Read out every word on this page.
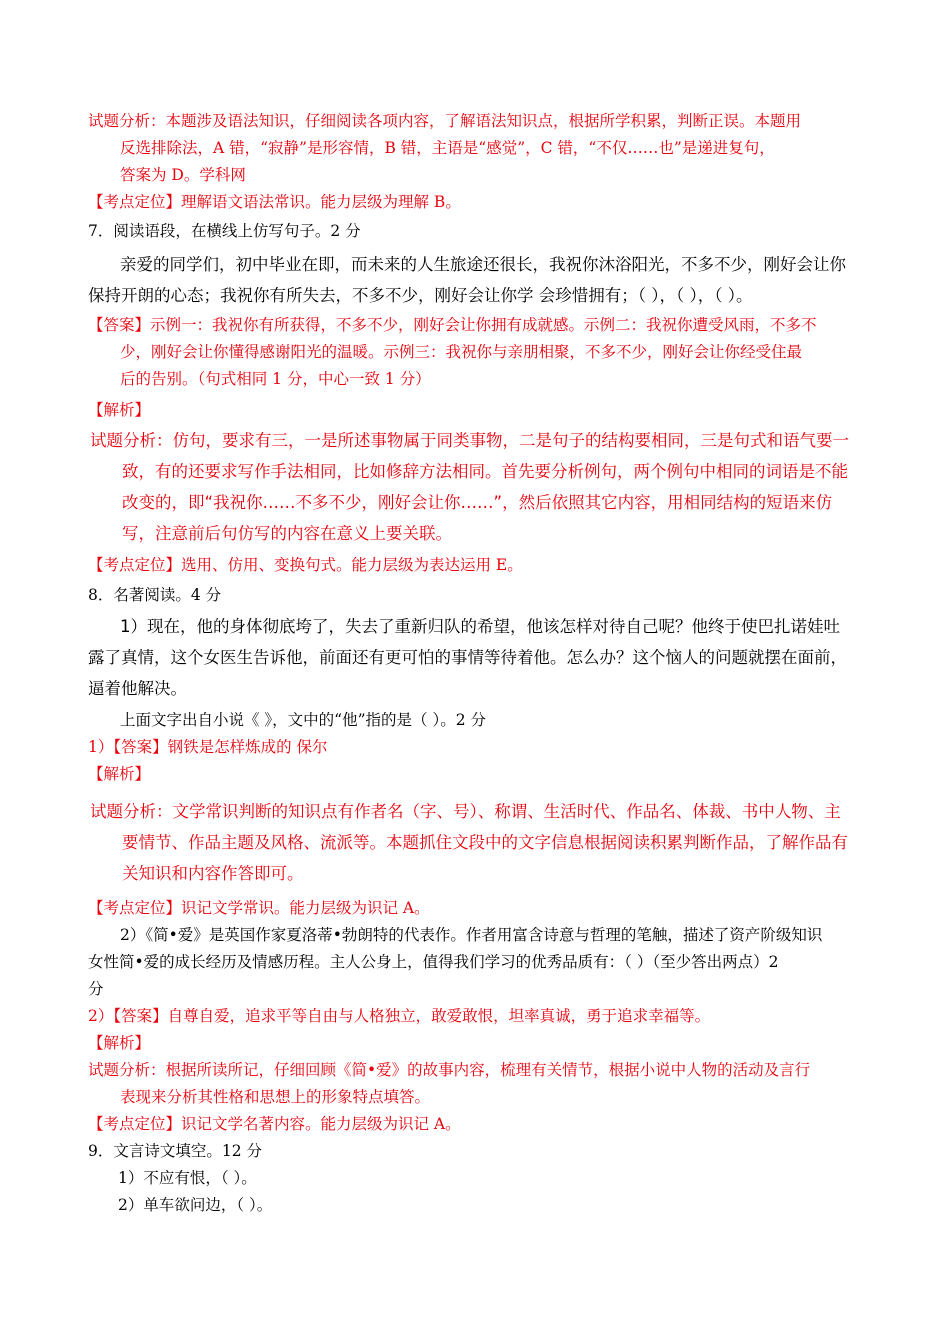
试题分析：本题涉及语法知识，仔细阅读各项内容，了解语法知识点，根据所学积累，判断正误。本题用
反选排除法，A 错，“寂静”是形容情，B 错，主语是“感觉”，C 错，“不仅……也”是递进复句，
答案为 D。学科网
【考点定位】理解语文语法常识。能力层级为理解 B。
7．阅读语段，在横线上仿写句子。2 分
亲爱的同学们，初中毕业在即，而未来的人生旅途还很长，我祝你沐浴阳光，不多不少，刚好会让你
保持开朗的心态；我祝你有所失去，不多不少，刚好会让你学 会珍惜拥有；（ ），（ ），（ ）。
【答案】示例一：我祝你有所获得，不多不少，刚好会让你拥有成就感。示例二：我祝你遭受风雨，不多不
少，刚好会让你懂得感谢阳光的温暖。示例三：我祝你与亲朋相聚，不多不少，刚好会让你经受住最
后的告别。（句式相同 1 分，中心一致 1 分）
【解析】
试题分析：仿句，要求有三，一是所述事物属于同类事物，二是句子的结构要相同，三是句式和语气要一
致，有的还要求写作手法相同，比如修辞方法相同。首先要分析例句，两个例句中相同的词语是不能
改变的，即“我祝你……不多不少，刚好会让你……”，然后依照其它内容，用相同结构的短语来仿
写，注意前后句仿写的内容在意义上要关联。
【考点定位】选用、仿用、变换句式。能力层级为表达运用 E。
8．名著阅读。4 分
1）现在，他的身体彻底垮了，失去了重新归队的希望，他该怎样对待自己呢？他终于使巴扎诺娃吐
露了真情，这个女医生告诉他，前面还有更可怕的事情等待着他。怎么办？这个恼人的问题就摆在面前，
逼着他解决。
上面文字出自小说《 》，文中的“他”指的是（ ）。2 分
1）【答案】钢铁是怎样炼成的 保尔
【解析】
试题分析：文学常识判断的知识点有作者名（字、号）、称谓、生活时代、作品名、体裁、书中人物、主
要情节、作品主题及风格、流派等。本题抓住文段中的文字信息根据阅读积累判断作品，了解作品有
关知识和内容作答即可。
【考点定位】识记文学常识。能力层级为识记 A。
2）《简•爱》是英国作家夏洛蒂•勃朗特的代表作。作者用富含诗意与哲理的笔触，描述了资产阶级知识
女性简•爱的成长经历及情感历程。主人公身上，值得我们学习的优秀品质有：（ ）（至少答出两点）2
分
2）【答案】自尊自爱，追求平等自由与人格独立，敢爱敢恨，坦率真诚，勇于追求幸福等。
【解析】
试题分析：根据所读所记，仔细回顾《简•爱》的故事内容，梳理有关情节，根据小说中人物的活动及言行
表现来分析其性格和思想上的形象特点填答。
【考点定位】识记文学名著内容。能力层级为识记 A。
9．文言诗文填空。12 分
1）不应有恨，（ ）。
2）单车欲问边，（ ）。
